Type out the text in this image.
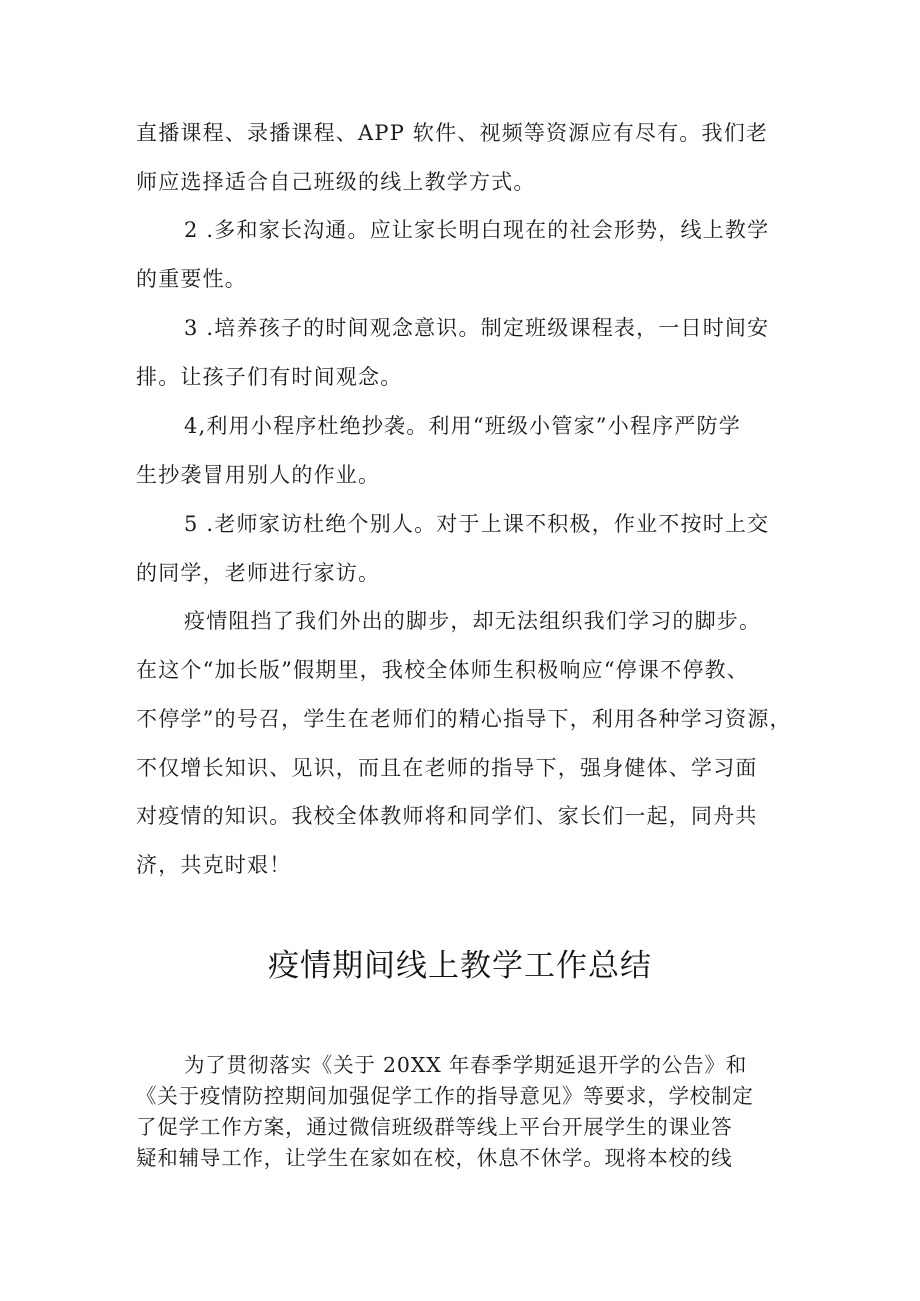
直播课程、录播课程、APP 软件、视频等资源应有尽有。我们老
师应选择适合自己班级的线上教学方式。
2 .多和家长沟通。应让家长明白现在的社会形势，线上教学
的重要性。
3 .培养孩子的时间观念意识。制定班级课程表，一日时间安
排。让孩子们有时间观念。
4,利用小程序杜绝抄袭。利用“班级小管家”小程序严防学
生抄袭冒用别人的作业。
5 .老师家访杜绝个别人。对于上课不积极，作业不按时上交
的同学，老师进行家访。
疫情阻挡了我们外出的脚步，却无法组织我们学习的脚步。
在这个“加长版”假期里，我校全体师生积极响应“停课不停教、
不停学”的号召，学生在老师们的精心指导下，利用各种学习资源，
不仅增长知识、见识，而且在老师的指导下，强身健体、学习面
对疫情的知识。我校全体教师将和同学们、家长们一起，同舟共
济，共克时艰！
疫情期间线上教学工作总结
为了贯彻落实《关于 20XX 年春季学期延退开学的公告》和
《关于疫情防控期间加强促学工作的指导意见》等要求，学校制定
了促学工作方案，通过微信班级群等线上平台开展学生的课业答
疑和辅导工作，让学生在家如在校，休息不休学。现将本校的线
